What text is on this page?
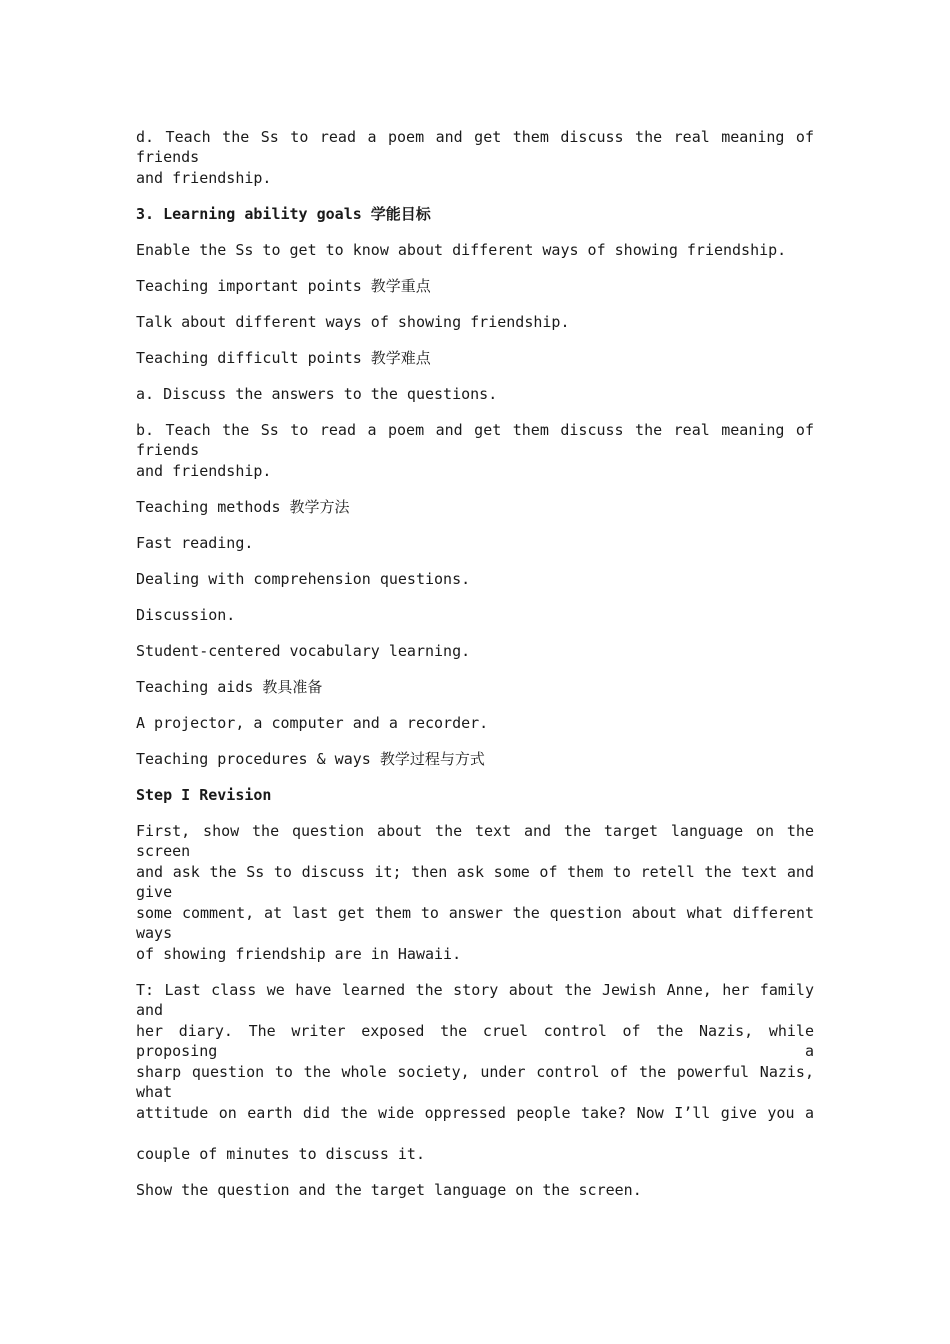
d. Teach the Ss to read a poem and get them discuss the real meaning of friends
and friendship.
3. Learning ability goals 学能目标
Enable the Ss to get to know about different ways of showing friendship.
Teaching important points 教学重点
Talk about different ways of showing friendship.
Teaching difficult points 教学难点
a. Discuss the answers to the questions.
b. Teach the Ss to read a poem and get them discuss the real meaning of friends
and friendship.
Teaching methods 教学方法
Fast reading.
Dealing with comprehension questions.
Discussion.
Student-centered vocabulary learning.
Teaching aids 教具准备
A projector, a computer and a recorder.
Teaching procedures & ways 教学过程与方式
Step I Revision
First, show the question about the text and the target language on the screen
and ask the Ss to discuss it; then ask some of them to retell the text and give
some comment, at last get them to answer the question about what different ways
of showing friendship are in Hawaii.
T: Last class we have learned the story about the Jewish Anne, her family and
her diary. The writer exposed the cruel control of the Nazis, while proposing a
sharp question to the whole society, under control of the powerful Nazis, what
attitude on earth did the wide oppressed people take? Now I’ll give you a
couple of minutes to discuss it.
Show the question and the target language on the screen.
